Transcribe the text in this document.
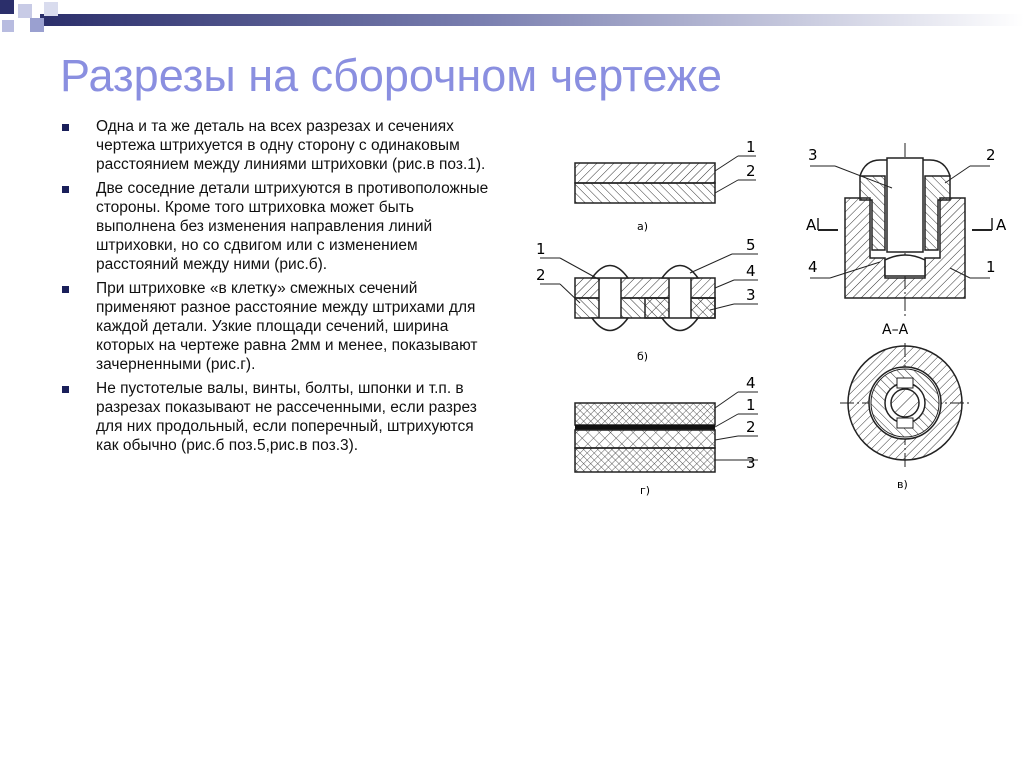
Разрезы на сборочном чертеже
Одна и та же деталь на всех разрезах и сечениях чертежа штрихуется в одну сторону с одинаковым расстоянием между линиями штриховки (рис.в поз.1).
Две соседние детали штрихуются в противоположные стороны. Кроме того штриховка может быть выполнена без изменения направления линий штриховки, но со сдвигом или с изменением расстояний между ними (рис.б).
При штриховке «в клетку» смежных сечений применяют разное расстояние между штрихами для каждой детали. Узкие площади сечений, ширина которых на чертеже равна 2мм и менее, показывают зачерненными (рис.г).
Не пустотелые валы, винты, болты, шпонки и т.п. в разрезах показывают не рассеченными, если разрез для них продольный, если поперечный, штрихуются как обычно (рис.б поз.5,рис.в поз.3).
1
2
а)
1
2
5
4
3
б)
4
1
2
3
г)
А	А
3	2
4	1
А–А
в)
